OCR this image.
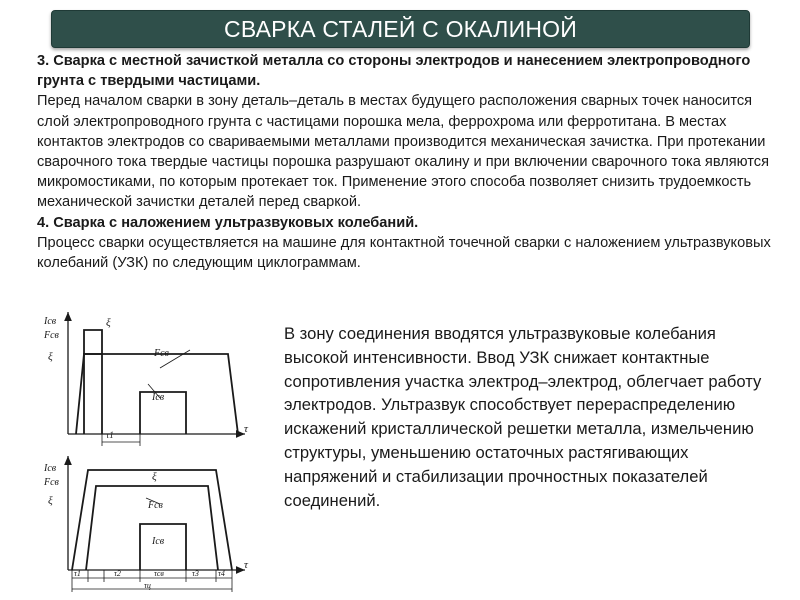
СВАРКА СТАЛЕЙ С ОКАЛИНОЙ

3. Сварка с местной зачисткой металла со стороны электродов и нанесением электропроводного грунта с твердыми частицами.

Перед началом сварки в зону деталь–деталь в местах будущего расположения сварных точек наносится слой электропроводного грунта с частицами порошка мела, феррохрома или ферротитана. В местах контактов электродов со свариваемыми металлами производится механическая зачистка. При протекании сварочного тока твердые частицы порошка разрушают окалину и при включении сварочного тока являются микромостиками, по которым протекает ток. Применение этого способа позволяет снизить трудоемкость механической зачистки деталей перед сваркой.

4. Сварка с наложением ультразвуковых колебаний.

Процесс сварки осуществляется на машине для контактной точечной сварки с наложением ультразвуковых колебаний (УЗК) по следующим циклограммам.

Iсв
Fсв
ξ
ξ
Fсв
Iсв
τ
τ1
Iсв
Fсв
ξ
ξ
Fсв
Iсв
τ
τ1	τ2	τсв	τ3 τ4
τц
В зону соединения вводятся ультразвуковые колебания высокой интенсивности. Ввод УЗК снижает контактные сопротивления участка электрод–электрод, облегчает работу электродов. Ультразвук способствует перераспределению искажений кристаллической решетки металла, измельчению структуры, уменьшению остаточных растягивающих напряжений и стабилизации прочностных показателей соединений.
